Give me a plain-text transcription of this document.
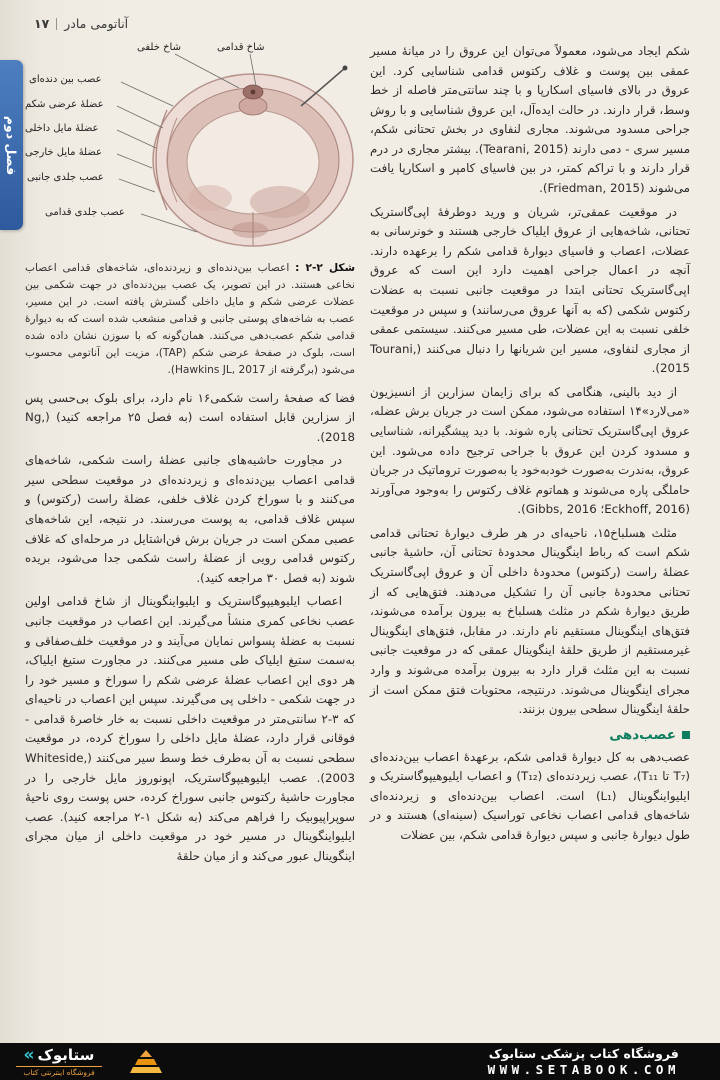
۱۷ آناتومی مادر
فصل دوم

شکم ایجاد می‌شود، معمولاً می‌توان این عروق را در میانهٔ مسیر عمقی بین پوست و غلاف رکتوس قدامی شناسایی کرد. این عروق در بالای فاسیای اسکارپا و با چند سانتی‌متر فاصله از خط وسط، قرار دارند. در حالت ایده‌آل، این عروق شناسایی و با روش جراحی مسدود می‌شوند. مجاری لنفاوی در بخش تحتانی شکم، مسیر سری - دمی دارند (Tearani, 2015). بیشتر مجاری در درم قرار دارند و با تراکم کمتر، در بین فاسیای کامپر و اسکارپا یافت می‌شوند (Friedman, 2015).

در موقعیت عمقی‌تر، شریان و ورید دوطرفهٔ اپی‌گاستریک تحتانی، شاخه‌هایی از عروق ایلیاک خارجی هستند و خونرسانی به عضلات، اعصاب و فاسیای دیوارهٔ قدامی شکم را برعهده دارند. آنچه در اعمال جراحی اهمیت دارد این است که عروق اپی‌گاستریک تحتانی ابتدا در موقعیت جانبی نسبت به عضلات رکتوس شکمی (که به آنها عروق می‌رسانند) و سپس در موقعیت خلفی نسبت به این عضلات، طی مسیر می‌کنند. سیستمی عمقی از مجاری لنفاوی، مسیر این شریانها را دنبال می‌کنند (Tourani, 2015).

از دید بالینی، هنگامی که برای زایمان سزارین از انسیزیون «می‌لارد»۱۴ استفاده می‌شود، ممکن است در جریان برش عضله، عروق اپی‌گاستریک تحتانی پاره شوند. با دید پیشگیرانه، شناسایی و مسدود کردن این عروق با جراحی ترجیح داده می‌شود. این عروق، به‌ندرت به‌صورت خودبه‌خود یا به‌صورت تروماتیک در جریان حاملگی پاره می‌شوند و هماتوم غلاف رکتوس را به‌وجود می‌آورند (Eckhoff, 2016؛ Gibbs, 2016).

مثلث هسلباخ۱۵، ناحیه‌ای در هر طرف دیوارهٔ تحتانی قدامی شکم است که رباط اینگوینال محدودهٔ تحتانی آن، حاشیهٔ جانبی عضلهٔ راست (رکتوس) محدودهٔ داخلی آن و عروق اپی‌گاستریک تحتانی محدودهٔ جانبی آن را تشکیل می‌دهند. فتق‌هایی که از طریق دیوارهٔ شکم در مثلث هسلباخ به بیرون برآمده می‌شوند، فتق‌های اینگوینال مستقیم نام دارند. در مقابل، فتق‌های اینگوینال غیرمستقیم از طریق حلقهٔ اینگوینال عمقی که در موقعیت جانبی نسبت به این مثلث قرار دارد به بیرون برآمده می‌شوند و وارد مجرای اینگوینال می‌شوند. درنتیجه، محتویات فتق ممکن است از حلقهٔ اینگوینال سطحی بیرون بزنند.

عصب‌دهی

عصب‌دهی به کل دیوارهٔ قدامی شکم، برعهدهٔ اعصاب بین‌دنده‌ای (T₇ تا T₁₁)، عصب زیردنده‌ای (T₁₂) و اعصاب ایلیوهیپوگاستریک و ایلیواینگوینال (L₁) است. اعصاب بین‌دنده‌ای و زیردنده‌ای شاخه‌های قدامی اعصاب نخاعی توراسیک (سینه‌ای) هستند و در طول دیوارهٔ جانبی و سپس دیوارهٔ قدامی شکم، بین عضلات

شاخ خلفی	شاخ قدامی
عصب بین دنده‌ای
عضلهٔ عرضی شکم
عضلهٔ مایل داخلی
عضلهٔ مایل خارجی
عصب جلدی جانبی
عصب جلدی قدامی

شکل ۲-۲ : اعصاب بین‌دنده‌ای و زیردنده‌ای، شاخه‌های قدامی اعصاب نخاعی هستند. در این تصویر، یک عصب بین‌دنده‌ای در جهت شکمی بین عضلات عرضی شکم و مایل داخلی گسترش یافته است. در این مسیر، عصب به شاخه‌های پوستی جانبی و قدامی منشعب شده است که به دیوارهٔ قدامی شکم عصب‌دهی می‌کنند. همان‌گونه که با سوزن نشان داده شده است، بلوک در صفحهٔ عرضی شکم (TAP)، مزیت این آناتومی محسوب می‌شود (برگرفته از Hawkins JL, 2017).

فضا که صفحهٔ راست شکمی۱۶ نام دارد، برای بلوک بی‌حسی پس از سزارین قابل استفاده است (به فصل ۲۵ مراجعه کنید) (Ng, 2018).

در مجاورت حاشیه‌های جانبی عضلهٔ راست شکمی، شاخه‌های قدامی اعصاب بین‌دنده‌ای و زیردنده‌ای در موقعیت سطحی سیر می‌کنند و با سوراخ کردن غلاف خلفی، عضلهٔ راست (رکتوس) و سپس غلاف قدامی، به پوست می‌رسند. در نتیجه، این شاخه‌های عصبی ممکن است در جریان برش فن‌اشتایل در مرحله‌ای که غلاف رکتوس قدامی رویی از عضلهٔ راست شکمی جدا می‌شود، بریده شوند (به فصل ۳۰ مراجعه کنید).

اعصاب ایلیوهیپوگاستریک و ایلیواینگوینال از شاخ قدامی اولین عصب نخاعی کمری منشأ می‌گیرند. این اعصاب در موقعیت جانبی نسبت به عضلهٔ پسواس نمایان می‌آیند و در موقعیت خلف‌صفاقی و به‌سمت ستیغ ایلیاک طی مسیر می‌کنند. در مجاورت ستیغ ایلیاک، هر دوی این اعصاب عضلهٔ عرضی شکم را سوراخ و مسیر خود را در جهت شکمی - داخلی پی می‌گیرند. سپس این اعصاب در ناحیه‌ای که ۳-۲ سانتی‌متر در موقعیت داخلی نسبت به خار خاصرهٔ قدامی - فوقانی قرار دارد، عضلهٔ مایل داخلی را سوراخ کرده، در موقعیت سطحی نسبت به آن به‌طرف خط وسط سیر می‌کنند (Whiteside, 2003). عصب ایلیوهیپوگاستریک، اپونوروز مایل خارجی را در مجاورت حاشیهٔ رکتوس جانبی سوراخ کرده، حس پوست روی ناحیهٔ سوپراپیوبیک را فراهم می‌کند (به شکل ۱-۲ مراجعه کنید). عصب ایلیواینگوینال در مسیر خود در موقعیت داخلی از میان مجرای اینگوینال عبور می‌کند و از میان حلقهٔ

« ستابوک
فروشگاه اینترنتی کتاب
فروشگاه کتاب پزشکی ستابوک
WWW.SETABOOK.COM
